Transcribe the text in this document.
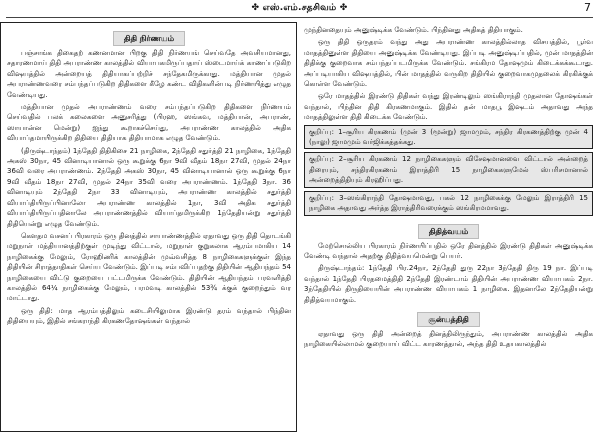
✤ எஸ்.எம்.சதசிவம் ✤	7
திதி நிர்ணயம்

பஞ்சாங்க திகைதற் கணனமான பிறகு திதி நிர்ணயங் செய்வதே அவசியமானது, சதாரணமாய் திதி அபராண்ண காலத்தில் வியாபகமிருப்பதாய் ஸ்டைமாய்க் காணப்படுகிற விஷயத்தில் அன்றையத் திதியாகப்பற்றிச் சந்தேகமிருக்காது. மத்தியான முதல் அபராண்ணவரை சம்பந்தப்படுகிற திதிகளை கீழே கண்ட விதிகளின்படி நிர்ணயித்து எழுத வேண்டியது.

மத்தியான முதல் அபராண்ணம் வரை சம்பந்தப்படுகிற திதிகளை நிர்ணயம் செய்வதில் பலக் கலைகளை அனுசரித்து (பிரஹ, ஸங்கவ, மத்தியான், அபராண், ஸாயான்ன மென்று) ஐந்து கூறாகச்செய்து, அபராண்ண காலத்தில் அதிக வியாப்தமாயிருக்கிற திதியை திதியாக திதியாமாக எழுத வேண்டும்.

(திருஷ்டாந்தம்) 1ந்தேதி திதிகிசை 21 நாழிகை, 2ந்தேதி சதுர்த்தி 21 நாழிகை, 1ந்தேதி அகஸ் 30நா, 45 வினாடியானால் ஒரு கூறுக்கு 6நா 9வி வீதம் 18நா 27வி, முதல் 24நா 36வி வரை அபராண்ணம். 2ந்தேதி அகஸ் 30நா, 45 வினாடியானால் ஒரு கூறுக்கு 6நா 9வி வீதம் 18நா 27வி, முதல் 24நா 35வி வரை அபராண்ணம். 1ந்தேதி 3நா. 36 வினாடியும் 2ந்தேதி 2நா 33 வினாடியும், அபராண்ண காலத்தில் சதுர்த்தி வியாப்தியிருப்பினாலோ அபராண்ண காலத்தில் 1நா, 3வி அதிக சதுர்த்தி வியாப்தியிருப்பதினாலே அபராண்ணத்தில் வியாப்தமிருக்கிற 1ந்தேதியன்று சதுர்த்தி திதியென்று எழுத வேண்டும்.

கௌதம வசனப் பிரகாரம் ஒரு தினத்தில் சாயாண்ணத்தில் ஏதாவது ஒரு திதி தொடங்கி மறுநாள் மத்தியானத்திற்குள் முடிந்து விட்டால், மறுநாள் குறுகலாக ஆரம்பமாகிய 14 நாழிகைக்கு மேலும், ரோஹிணிக் காலத்தின் முவ்வசித்த 8 நாழிகைகளுக்குள் இந்த திதியின் சிராத்தாதிகள் செய்ய வேண்டும். இப்படி சம்பவிப்பதற்கு திதியின் ஆதியந்தம் 54 நாழிகையை விட்டு குறையை பட்டமிருக்க வேண்டும். திதியின் ஆதியந்தம் பரவளித்தி காலத்தில் 64¼ நாழிகைக்கு மேலும், பரமவடி காலத்தில் 53¾ க்குக் குறைந்தும் வர மாட்டாது.

ஒரு திதி: மாத ஆரம்பத்திலும் கடைசியிலுமாக இரண்டு தரம் வந்தால் பிந்தின திதியையும், இதில் சங்கராந்தி கிரகணதோஷங்கள் வந்தால்

முந்தினதையும் அனுஷ்டிக்க வேண்டும். பிந்தினது அதிகத் திதியாகும்.

ஒரு திதி ஒருதரம் வந்து அது அபராண்ண காலத்தில்லாத விசயத்தில், பூர்வ மாதத்தினுள்ள திதியை அனுஷ்டிக்க வேண்டியது. இப்படி அனுஷ்டிப்பதில், முன் மாதத்தின் திதிக்கு குறைவாக சம்பந்தப்படமிருக்க வேண்டும். சங்கிரம தோஷமும் கிடைக்கக்கூடாது. அப்படியாகிய விஷயத்தில், பின் மாதத்தில் வருகிற திதியில் குறைவாகமுதலைக் கிரகிக்குக் கொள்ள வேண்டும்.

ஒரே மாதத்தில் இரண்டு திதிகள் வந்து இரண்டிலும் ஸங்கிராந்தி முதலான தோஷங்கள் வந்தால், பிந்தின திதி கிரகணமாகும். இதில் தன் மாதபூ இஷடம் அதாவது அந்த மாதத்திலுள்ள திதி கிடைக்க வேண்டும்.

குறிப்பு: 1–சூரிய கிரகணம் (முன் 3 (மூன்று) ஜாமமும், சந்திர கிரகணத்திற்கு முன் 4 (நாலு) ஜாமமும் வர்ஜிக்கத்தக்கது.

குறிப்பு: 2–சூரிய கிரகணம் 12 நாழிகைகளும் விசேஷமானவை விட்டால் அன்றைத் திரையும், சந்திரகிரகணம் இராத்திரி 15 நாழிகைகளுமேல் ஸ்பரிசமானால் அன்றைத்திதியும் கிரஹிப்பது.

குறிப்பு: 3–ஸங்கிராந்தி தோஷமாவது, பகல் 12 நாழிகைக்கு மேலும் இராத்திரி 15 நாழிகை அதாவது அர்த்த இராத்திரிவரைக்கும் ஸங்கிரமமாவது.

திதித்வயம்

மேற்சொல்லிய பிரகாரம் நிர்ணயிப்பதில் ஒரே தினத்தில் இரண்டு திதிகள் அனுஷ்டிக்க வேண்டி வந்தால் அதற்கு திதித்வயமென்று பெயர்.

திருஷ்டாந்தம்: 1ந்தேதி பிர.24நா, 2ந்தேதி துரு 22நா 3ந்தேதி திரு 19 நா. இப்படி வந்தால் 1ந்தேதி பிரதமைத்திதி 2ந்தேதி இரண்டாம் திதியின் அபராண்ண வியாபகம் 2நா. 3ந்தேதியில் திருதியையின் அபராண்ண வியாபகம் 1 நாழிகை. இதனாலே 2ந்தேதியன்று திதித்வயமாகும்.

சூன்யத்திதி

ஏதாவது ஒரு திதி அன்றைத் தினத்திலிருந்தும், அபராண்ண காலத்தில் அதிக நாழிகையில்லாமல் குறையாய் விட்ட காரணத்தால், அந்த திதி உதயகாலத்தில்
